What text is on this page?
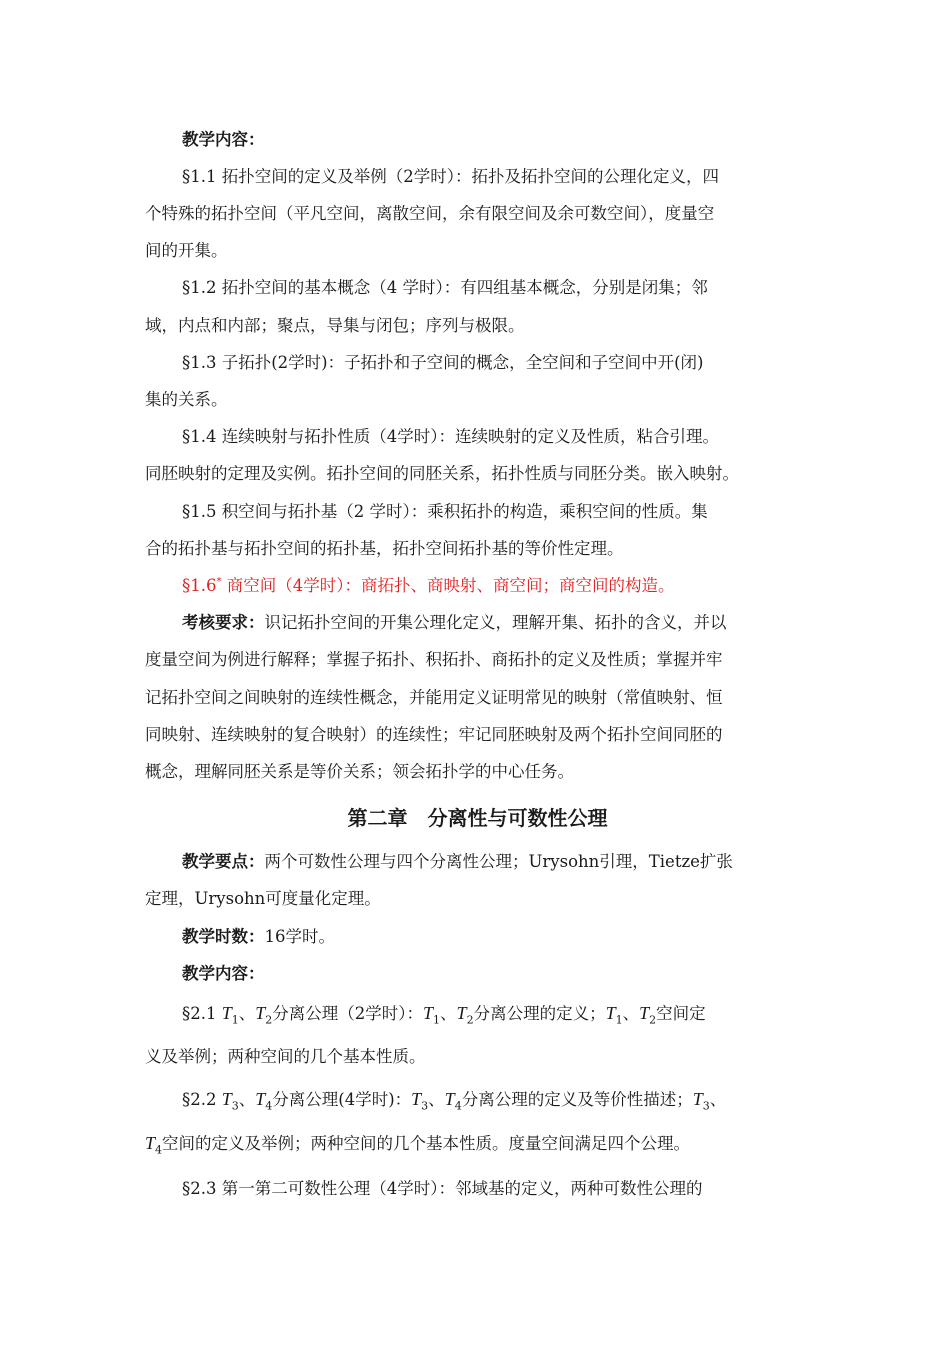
教学内容：
§1.1 拓扑空间的定义及举例（2学时）：拓扑及拓扑空间的公理化定义，四
个特殊的拓扑空间（平凡空间，离散空间，余有限空间及余可数空间），度量空
间的开集。
§1.2 拓扑空间的基本概念（4 学时）：有四组基本概念，分别是闭集；邻
域，内点和内部；聚点，导集与闭包；序列与极限。
§1.3 子拓扑(2学时)：子拓扑和子空间的概念，全空间和子空间中开(闭)
集的关系。
§1.4 连续映射与拓扑性质（4学时）：连续映射的定义及性质，粘合引理。
同胚映射的定理及实例。拓扑空间的同胚关系，拓扑性质与同胚分类。嵌入映射。
§1.5 积空间与拓扑基（2 学时）：乘积拓扑的构造，乘积空间的性质。集
合的拓扑基与拓扑空间的拓扑基，拓扑空间拓扑基的等价性定理。
§1.6* 商空间（4学时）：商拓扑、商映射、商空间；商空间的构造。
考核要求：识记拓扑空间的开集公理化定义，理解开集、拓扑的含义，并以
度量空间为例进行解释；掌握子拓扑、积拓扑、商拓扑的定义及性质；掌握并牢
记拓扑空间之间映射的连续性概念，并能用定义证明常见的映射（常值映射、恒
同映射、连续映射的复合映射）的连续性；牢记同胚映射及两个拓扑空间同胚的
概念，理解同胚关系是等价关系；领会拓扑学的中心任务。
第二章　分离性与可数性公理
教学要点：两个可数性公理与四个分离性公理；Urysohn引理，Tietze扩张
定理，Urysohn可度量化定理。
教学时数：16学时。
教学内容：
§2.1 $T_1$、$T_2$分离公理（2学时）：$T_1$、$T_2$分离公理的定义；$T_1$、$T_2$空间定
义及举例；两种空间的几个基本性质。
§2.2 $T_3$、$T_4$分离公理(4学时)：$T_3$、$T_4$分离公理的定义及等价性描述；$T_3$、
$T_4$空间的定义及举例；两种空间的几个基本性质。度量空间满足四个公理。
§2.3 第一第二可数性公理（4学时）：邻域基的定义，两种可数性公理的
